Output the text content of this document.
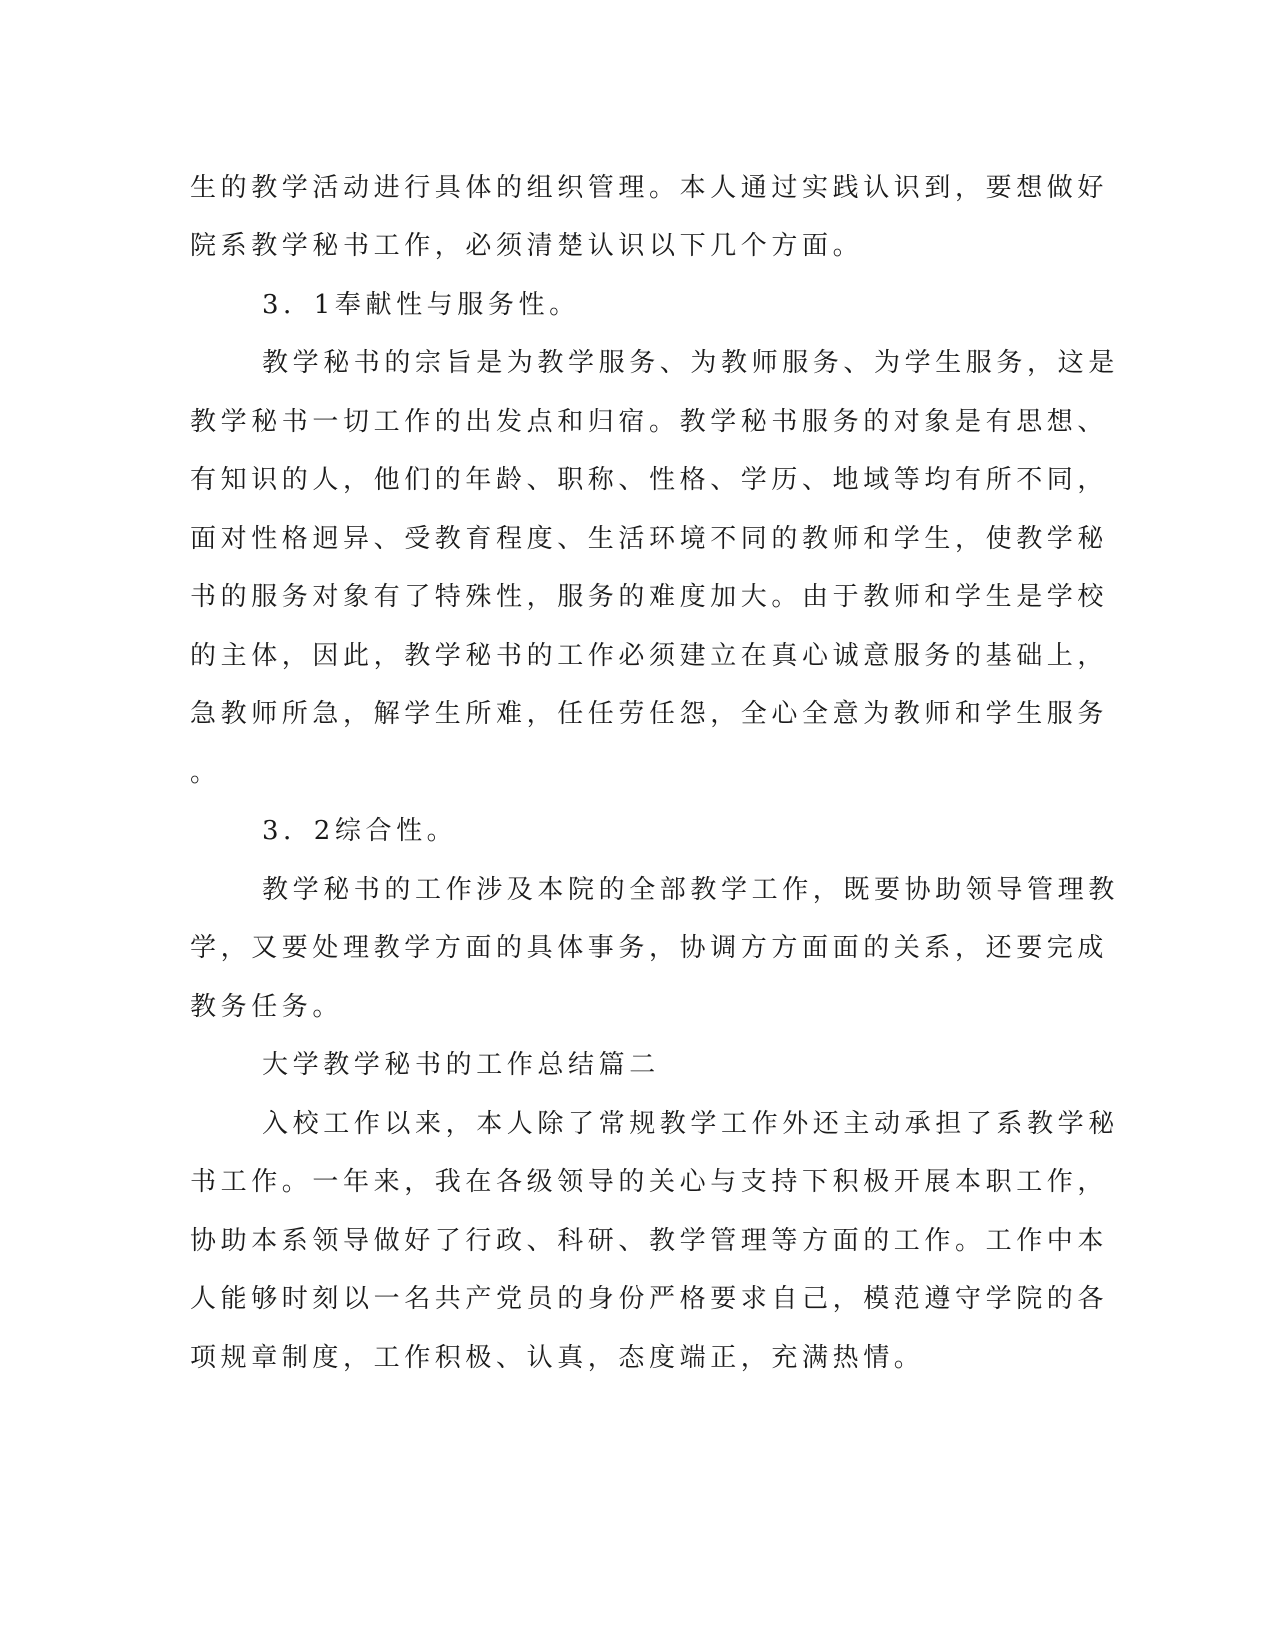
生的教学活动进行具体的组织管理。本人通过实践认识到，要想做好
院系教学秘书工作，必须清楚认识以下几个方面。
3．1奉献性与服务性。
教学秘书的宗旨是为教学服务、为教师服务、为学生服务，这是
教学秘书一切工作的出发点和归宿。教学秘书服务的对象是有思想、
有知识的人，他们的年龄、职称、性格、学历、地域等均有所不同，
面对性格迥异、受教育程度、生活环境不同的教师和学生，使教学秘
书的服务对象有了特殊性，服务的难度加大。由于教师和学生是学校
的主体，因此，教学秘书的工作必须建立在真心诚意服务的基础上，
急教师所急，解学生所难，任任劳任怨，全心全意为教师和学生服务
。
3．2综合性。
教学秘书的工作涉及本院的全部教学工作，既要协助领导管理教
学，又要处理教学方面的具体事务，协调方方面面的关系，还要完成
教务任务。
大学教学秘书的工作总结篇二
入校工作以来，本人除了常规教学工作外还主动承担了系教学秘
书工作。一年来，我在各级领导的关心与支持下积极开展本职工作，
协助本系领导做好了行政、科研、教学管理等方面的工作。工作中本
人能够时刻以一名共产党员的身份严格要求自己，模范遵守学院的各
项规章制度，工作积极、认真，态度端正，充满热情。
